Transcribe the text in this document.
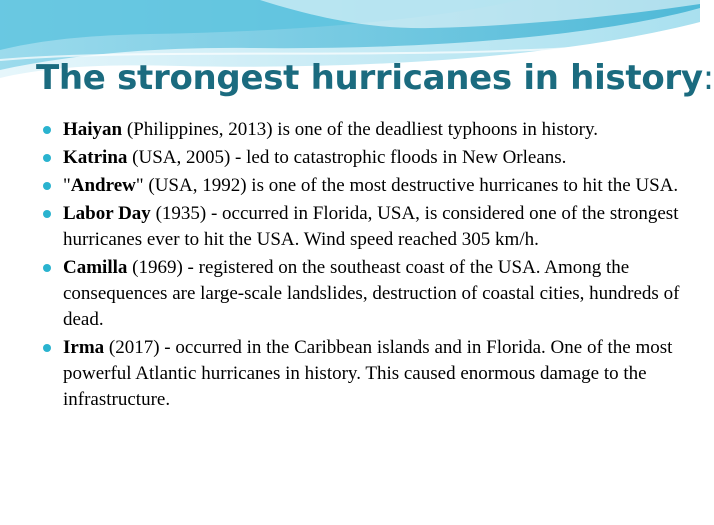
The strongest hurricanes in history:
Haiyan (Philippines, 2013) is one of the deadliest typhoons in history.
Katrina (USA, 2005) - led to catastrophic floods in New Orleans.
"Andrew" (USA, 1992) is one of the most destructive hurricanes to hit the USA.
Labor Day (1935) - occurred in Florida, USA, is considered one of the strongest hurricanes ever to hit the USA. Wind speed reached 305 km/h.
Camilla (1969) - registered on the southeast coast of the USA. Among the consequences are large-scale landslides, destruction of coastal cities, hundreds of dead.
Irma (2017) - occurred in the Caribbean islands and in Florida. One of the most powerful Atlantic hurricanes in history. This caused enormous damage to the infrastructure.
